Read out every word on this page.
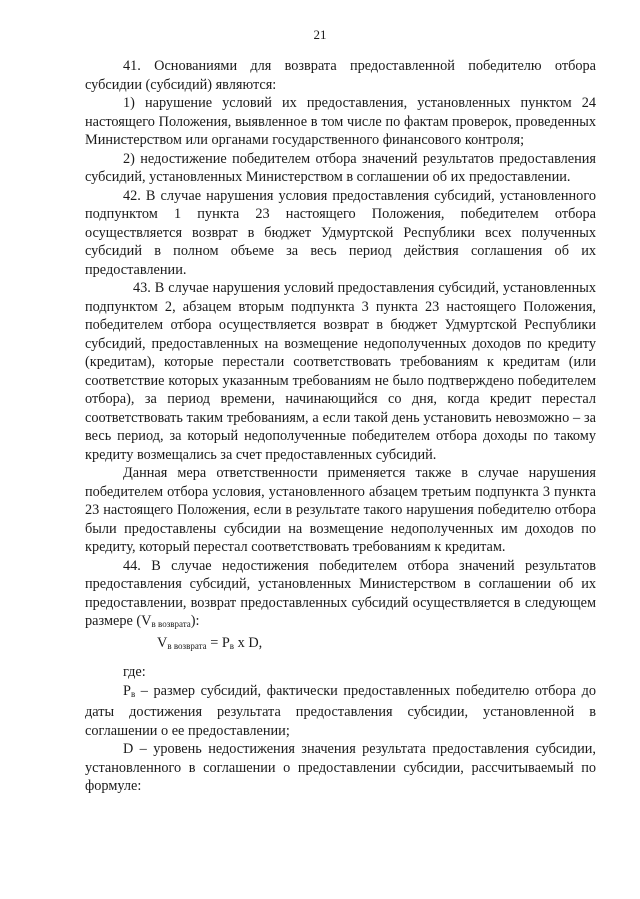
21

41. Основаниями для возврата предоставленной победителю отбора субсидии (субсидий) являются:

1) нарушение условий их предоставления, установленных пунктом 24 настоящего Положения, выявленное в том числе по фактам проверок, проведенных Министерством или органами государственного финансового контроля;

2) недостижение победителем отбора значений результатов предоставления субсидий, установленных Министерством в соглашении об их предоставлении.

42. В случае нарушения условия предоставления субсидий, установленного подпунктом 1 пункта 23 настоящего Положения, победителем отбора осуществляется возврат в бюджет Удмуртской Республики всех полученных субсидий в полном объеме за весь период действия соглашения об их предоставлении.

43. В случае нарушения условий предоставления субсидий, установленных подпунктом 2, абзацем вторым подпункта 3 пункта 23 настоящего Положения, победителем отбора осуществляется возврат в бюджет Удмуртской Республики субсидий, предоставленных на возмещение недополученных доходов по кредиту (кредитам), которые перестали соответствовать требованиям к кредитам (или соответствие которых указанным требованиям не было подтверждено победителем отбора), за период времени, начинающийся со дня, когда кредит перестал соответствовать таким требованиям, а если такой день установить невозможно – за весь период, за который недополученные победителем отбора доходы по такому кредиту возмещались за счет предоставленных субсидий.

Данная мера ответственности применяется также в случае нарушения победителем отбора условия, установленного абзацем третьим подпункта 3 пункта 23 настоящего Положения, если в результате такого нарушения победителю отбора были предоставлены субсидии на возмещение недополученных им доходов по кредиту, который перестал соответствовать требованиям к кредитам.

44. В случае недостижения победителем отбора значений результатов предоставления субсидий, установленных Министерством в соглашении об их предоставлении, возврат предоставленных субсидий осуществляется в следующем размере $(V_{в возврата})$:

$V_{в возврата} = P_в$ x D,

где:

$P_в$ – размер субсидий, фактически предоставленных победителю отбора до даты достижения результата предоставления субсидии, установленной в соглашении о ее предоставлении;

D – уровень недостижения значения результата предоставления субсидии, установленного в соглашении о предоставлении субсидии, рассчитываемый по формуле:
